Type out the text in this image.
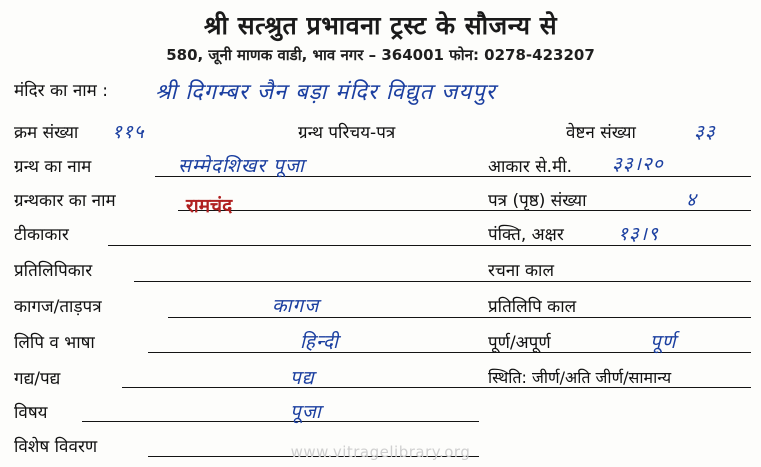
श्री सत्श्रुत प्रभावना ट्रस्ट के सौजन्य से
580, जूनी माणक वाडी, भाव नगर – 364001 फोन: 0278-423207
मंदिर का नाम : श्री दिगम्बर जैन बड़ा मंदिर विद्युत जयपुर
ग्रन्थ परिचय-पत्र
क्रम संख्या
ग्रन्थ का नाम
ग्रन्थकार का नाम
टीकाकार
प्रतिलिपिकार
कागज/ताड़पत्र
लिपि व भाषा
गद्य/पद्य
विषय
विशेष विवरण
११५
सम्मेदशिखर पूजा
रामचंद
कागज
हिन्दी
पद्य
पूजा
वेष्टन संख्या
आकार से.मी.
पत्र (पृष्ठ) संख्या
पंक्ति, अक्षर
रचना काल
प्रतिलिपि काल
पूर्ण/अपूर्ण
स्थिति: जीर्ण/अति जीर्ण/सामान्य
३३
३३।२०
४
१३।९
पूर्ण
www.vitragelibrary.org
